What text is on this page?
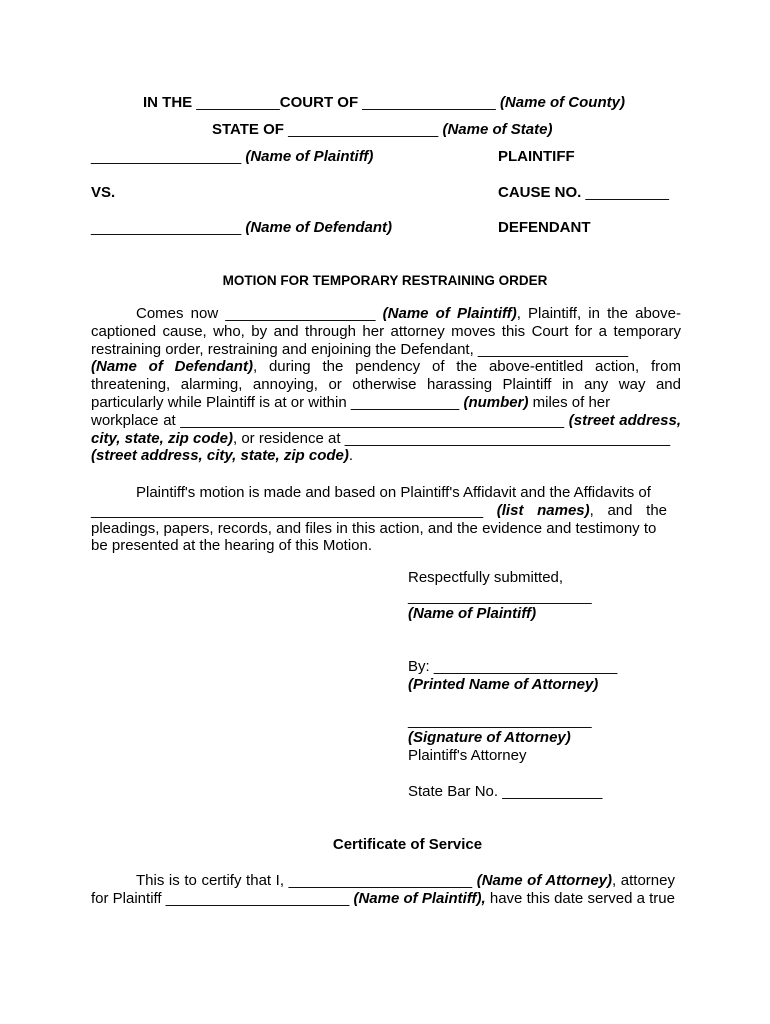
IN THE __________COURT OF ________________ (Name of County)
STATE OF __________________ (Name of State)
__________________ (Name of Plaintiff)	PLAINTIFF
VS.	CAUSE NO. __________
__________________ (Name of Defendant)	DEFENDANT
MOTION FOR TEMPORARY RESTRAINING ORDER
Comes now __________________ (Name of Plaintiff), Plaintiff, in the above-
captioned cause, who, by and through her attorney moves this Court for a temporary
restraining order, restraining and enjoining the Defendant, __________________
(Name of Defendant), during the pendency of the above-entitled action, from
threatening, alarming, annoying, or otherwise harassing Plaintiff in any way and
particularly while Plaintiff is at or within _____________ (number) miles of her
workplace at ______________________________________________ (street address,
city, state, zip code), or residence at _______________________________________
(street address, city, state, zip code).
Plaintiff's motion is made and based on Plaintiff's Affidavit and the Affidavits of
_______________________________________________ (list names), and the
pleadings, papers, records, and files in this action, and the evidence and testimony to
be presented at the hearing of this Motion.
Respectfully submitted,
______________________
(Name of Plaintiff)
By: ______________________
(Printed Name of Attorney)
______________________
(Signature of Attorney)
Plaintiff's Attorney
State Bar No. ____________
Certificate of Service
This is to certify that I, ______________________ (Name of Attorney), attorney
for Plaintiff ______________________ (Name of Plaintiff), have this date served a true
